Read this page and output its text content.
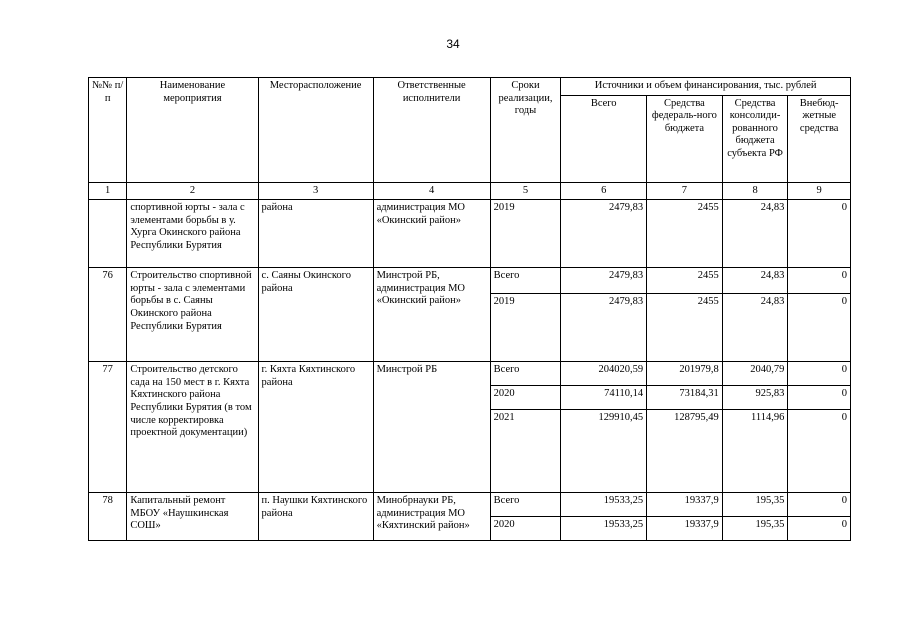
34
№№ п/п	Наименование мероприятия	Месторасположение	Ответственные исполнители	Сроки реализации, годы	Источники и объем финансирования, тыс. рублей			
					Всего	Средства федераль-ного бюджета	Средства консолиди-рованного бюджета субъекта РФ	Внебюд-жетные средства
1	2	3	4	5	6	7	8	9
	спортивной юрты - зала с элементами борьбы в у. Хурга Окинского района Республики Бурятия	района	администрация МО «Окинский район»	2019	2479,83	2455	24,83	0
76	Строительство спортивной юрты - зала с элементами борьбы в с. Саяны Окинского района Республики Бурятия	с. Саяны Окинского района	Минстрой РБ, администрация МО «Окинский район»	Всего	2479,83	2455	24,83	0
				2019	2479,83	2455	24,83	0
77	Строительство детского сада на 150 мест в г. Кяхта Кяхтинского района Республики Бурятия (в том числе корректировка проектной документации)	г. Кяхта Кяхтинского района	Минстрой РБ	Всего	204020,59	201979,8	2040,79	0
				2020	74110,14	73184,31	925,83	0
				2021	129910,45	128795,49	1114,96	0
78	Капитальный ремонт МБОУ «Наушкинская СОШ»	п. Наушки Кяхтинского района	Минобрнауки РБ, администрация МО «Кяхтинский район»	Всего	19533,25	19337,9	195,35	0
				2020	19533,25	19337,9	195,35	0
